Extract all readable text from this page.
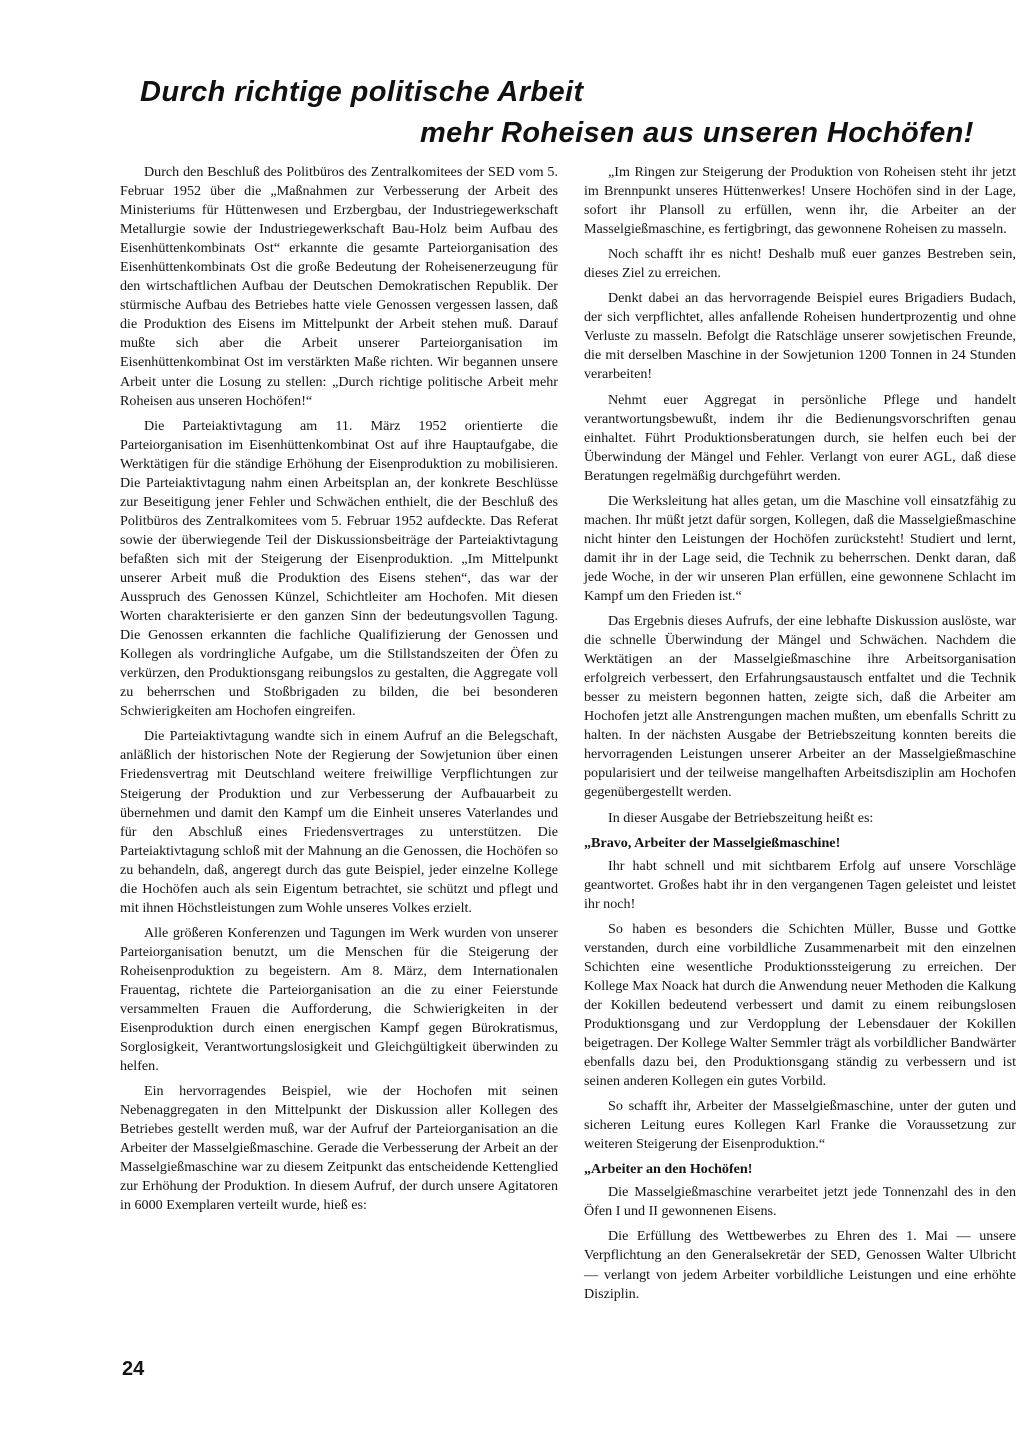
Durch richtige politische Arbeit
mehr Roheisen aus unseren Hochöfen!

Durch den Beschluß des Politbüros des Zentralkomitees der SED vom 5. Februar 1952 über die „Maßnahmen zur Verbesserung der Arbeit des Ministeriums für Hüttenwesen und Erzbergbau, der Industriegewerkschaft Metallurgie sowie der Industriegewerkschaft Bau-Holz beim Aufbau des Eisenhüttenkombinats Ost“ erkannte die gesamte Parteiorganisation des Eisenhüttenkombinats Ost die große Bedeutung der Roheisenerzeugung für den wirtschaftlichen Aufbau der Deutschen Demokratischen Republik. Der stürmische Aufbau des Betriebes hatte viele Genossen vergessen lassen, daß die Produktion des Eisens im Mittelpunkt der Arbeit stehen muß. Darauf mußte sich aber die Arbeit unserer Parteiorganisation im Eisenhüttenkombinat Ost im verstärkten Maße richten. Wir begannen unsere Arbeit unter die Losung zu stellen: „Durch richtige politische Arbeit mehr Roheisen aus unseren Hochöfen!“

Die Parteiaktivtagung am 11. März 1952 orientierte die Parteiorganisation im Eisenhüttenkombinat Ost auf ihre Hauptaufgabe, die Werktätigen für die ständige Erhöhung der Eisenproduktion zu mobilisieren. Die Parteiaktivtagung nahm einen Arbeitsplan an, der konkrete Beschlüsse zur Beseitigung jener Fehler und Schwächen enthielt, die der Beschluß des Politbüros des Zentralkomitees vom 5. Februar 1952 aufdeckte. Das Referat sowie der überwiegende Teil der Diskussionsbeiträge der Parteiaktivtagung befaßten sich mit der Steigerung der Eisenproduktion. „Im Mittelpunkt unserer Arbeit muß die Produktion des Eisens stehen“, das war der Ausspruch des Genossen Künzel, Schichtleiter am Hochofen. Mit diesen Worten charakterisierte er den ganzen Sinn der bedeutungsvollen Tagung. Die Genossen erkannten die fachliche Qualifizierung der Genossen und Kollegen als vordringliche Aufgabe, um die Stillstandszeiten der Öfen zu verkürzen, den Produktionsgang reibungslos zu gestalten, die Aggregate voll zu beherrschen und Stoßbrigaden zu bilden, die bei besonderen Schwierigkeiten am Hochofen eingreifen.

Die Parteiaktivtagung wandte sich in einem Aufruf an die Belegschaft, anläßlich der historischen Note der Regierung der Sowjetunion über einen Friedensvertrag mit Deutschland weitere freiwillige Verpflichtungen zur Steigerung der Produktion und zur Verbesserung der Aufbauarbeit zu übernehmen und damit den Kampf um die Einheit unseres Vaterlandes und für den Abschluß eines Friedensvertrages zu unterstützen. Die Parteiaktivtagung schloß mit der Mahnung an die Genossen, die Hochöfen so zu behandeln, daß, angeregt durch das gute Beispiel, jeder einzelne Kollege die Hochöfen auch als sein Eigentum betrachtet, sie schützt und pflegt und mit ihnen Höchstleistungen zum Wohle unseres Volkes erzielt.

Alle größeren Konferenzen und Tagungen im Werk wurden von unserer Parteiorganisation benutzt, um die Menschen für die Steigerung der Roheisenproduktion zu begeistern. Am 8. März, dem Internationalen Frauentag, richtete die Parteiorganisation an die zu einer Feierstunde versammelten Frauen die Aufforderung, die Schwierigkeiten in der Eisenproduktion durch einen energischen Kampf gegen Bürokratismus, Sorglosigkeit, Verantwortungslosigkeit und Gleichgültigkeit überwinden zu helfen.

Ein hervorragendes Beispiel, wie der Hochofen mit seinen Nebenaggregaten in den Mittelpunkt der Diskussion aller Kollegen des Betriebes gestellt werden muß, war der Aufruf der Parteiorganisation an die Arbeiter der Masselgießmaschine. Gerade die Verbesserung der Arbeit an der Masselgießmaschine war zu diesem Zeitpunkt das entscheidende Kettenglied zur Erhöhung der Produktion. In diesem Aufruf, der durch unsere Agitatoren in 6000 Exemplaren verteilt wurde, hieß es:

„Im Ringen zur Steigerung der Produktion von Roheisen steht ihr jetzt im Brennpunkt unseres Hüttenwerkes! Unsere Hochöfen sind in der Lage, sofort ihr Plansoll zu erfüllen, wenn ihr, die Arbeiter an der Masselgießmaschine, es fertigbringt, das gewonnene Roheisen zu masseln.

Noch schafft ihr es nicht! Deshalb muß euer ganzes Bestreben sein, dieses Ziel zu erreichen.

Denkt dabei an das hervorragende Beispiel eures Brigadiers Budach, der sich verpflichtet, alles anfallende Roheisen hundertprozentig und ohne Verluste zu masseln. Befolgt die Ratschläge unserer sowjetischen Freunde, die mit derselben Maschine in der Sowjetunion 1200 Tonnen in 24 Stunden verarbeiten!

Nehmt euer Aggregat in persönliche Pflege und handelt verantwortungsbewußt, indem ihr die Bedienungsvorschriften genau einhaltet. Führt Produktionsberatungen durch, sie helfen euch bei der Überwindung der Mängel und Fehler. Verlangt von eurer AGL, daß diese Beratungen regelmäßig durchgeführt werden.

Die Werksleitung hat alles getan, um die Maschine voll einsatzfähig zu machen. Ihr müßt jetzt dafür sorgen, Kollegen, daß die Masselgießmaschine nicht hinter den Leistungen der Hochöfen zurücksteht! Studiert und lernt, damit ihr in der Lage seid, die Technik zu beherrschen. Denkt daran, daß jede Woche, in der wir unseren Plan erfüllen, eine gewonnene Schlacht im Kampf um den Frieden ist.“

Das Ergebnis dieses Aufrufs, der eine lebhafte Diskussion auslöste, war die schnelle Überwindung der Mängel und Schwächen. Nachdem die Werktätigen an der Masselgießmaschine ihre Arbeitsorganisation erfolgreich verbessert, den Erfahrungsaustausch entfaltet und die Technik besser zu meistern begonnen hatten, zeigte sich, daß die Arbeiter am Hochofen jetzt alle Anstrengungen machen mußten, um ebenfalls Schritt zu halten. In der nächsten Ausgabe der Betriebszeitung konnten bereits die hervorragenden Leistungen unserer Arbeiter an der Masselgießmaschine popularisiert und der teilweise mangelhaften Arbeitsdisziplin am Hochofen gegenübergestellt werden.

In dieser Ausgabe der Betriebszeitung heißt es:

„Bravo, Arbeiter der Masselgießmaschine!

Ihr habt schnell und mit sichtbarem Erfolg auf unsere Vorschläge geantwortet. Großes habt ihr in den vergangenen Tagen geleistet und leistet ihr noch!

So haben es besonders die Schichten Müller, Busse und Gottke verstanden, durch eine vorbildliche Zusammenarbeit mit den einzelnen Schichten eine wesentliche Produktionssteigerung zu erreichen. Der Kollege Max Noack hat durch die Anwendung neuer Methoden die Kalkung der Kokillen bedeutend verbessert und damit zu einem reibungslosen Produktionsgang und zur Verdopplung der Lebensdauer der Kokillen beigetragen. Der Kollege Walter Semmler trägt als vorbildlicher Bandwärter ebenfalls dazu bei, den Produktionsgang ständig zu verbessern und ist seinen anderen Kollegen ein gutes Vorbild.

So schafft ihr, Arbeiter der Masselgießmaschine, unter der guten und sicheren Leitung eures Kollegen Karl Franke die Voraussetzung zur weiteren Steigerung der Eisenproduktion.“

„Arbeiter an den Hochöfen!

Die Masselgießmaschine verarbeitet jetzt jede Tonnenzahl des in den Öfen I und II gewonnenen Eisens.

Die Erfüllung des Wettbewerbes zu Ehren des 1. Mai — unsere Verpflichtung an den Generalsekretär der SED, Genossen Walter Ulbricht — verlangt von jedem Arbeiter vorbildliche Leistungen und eine erhöhte Disziplin.

24
